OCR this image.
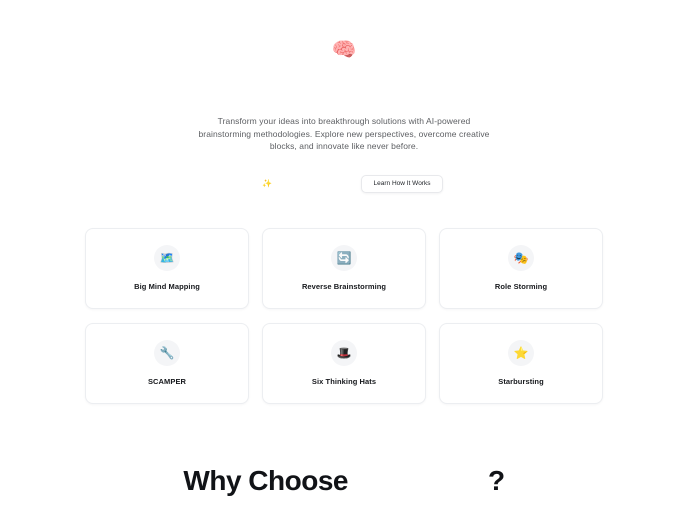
🧠

Transform your ideas into breakthrough solutions with AI-powered brainstorming methodologies. Explore new perspectives, overcome creative blocks, and innovate like never before.

✨	Learn How It Works
🗺️
Big Mind Mapping
🔄
Reverse Brainstorming
🎭
Role Storming
🔧
SCAMPER
🎩
Six Thinking Hats
⭐
Starbursting
Why Choose	?
